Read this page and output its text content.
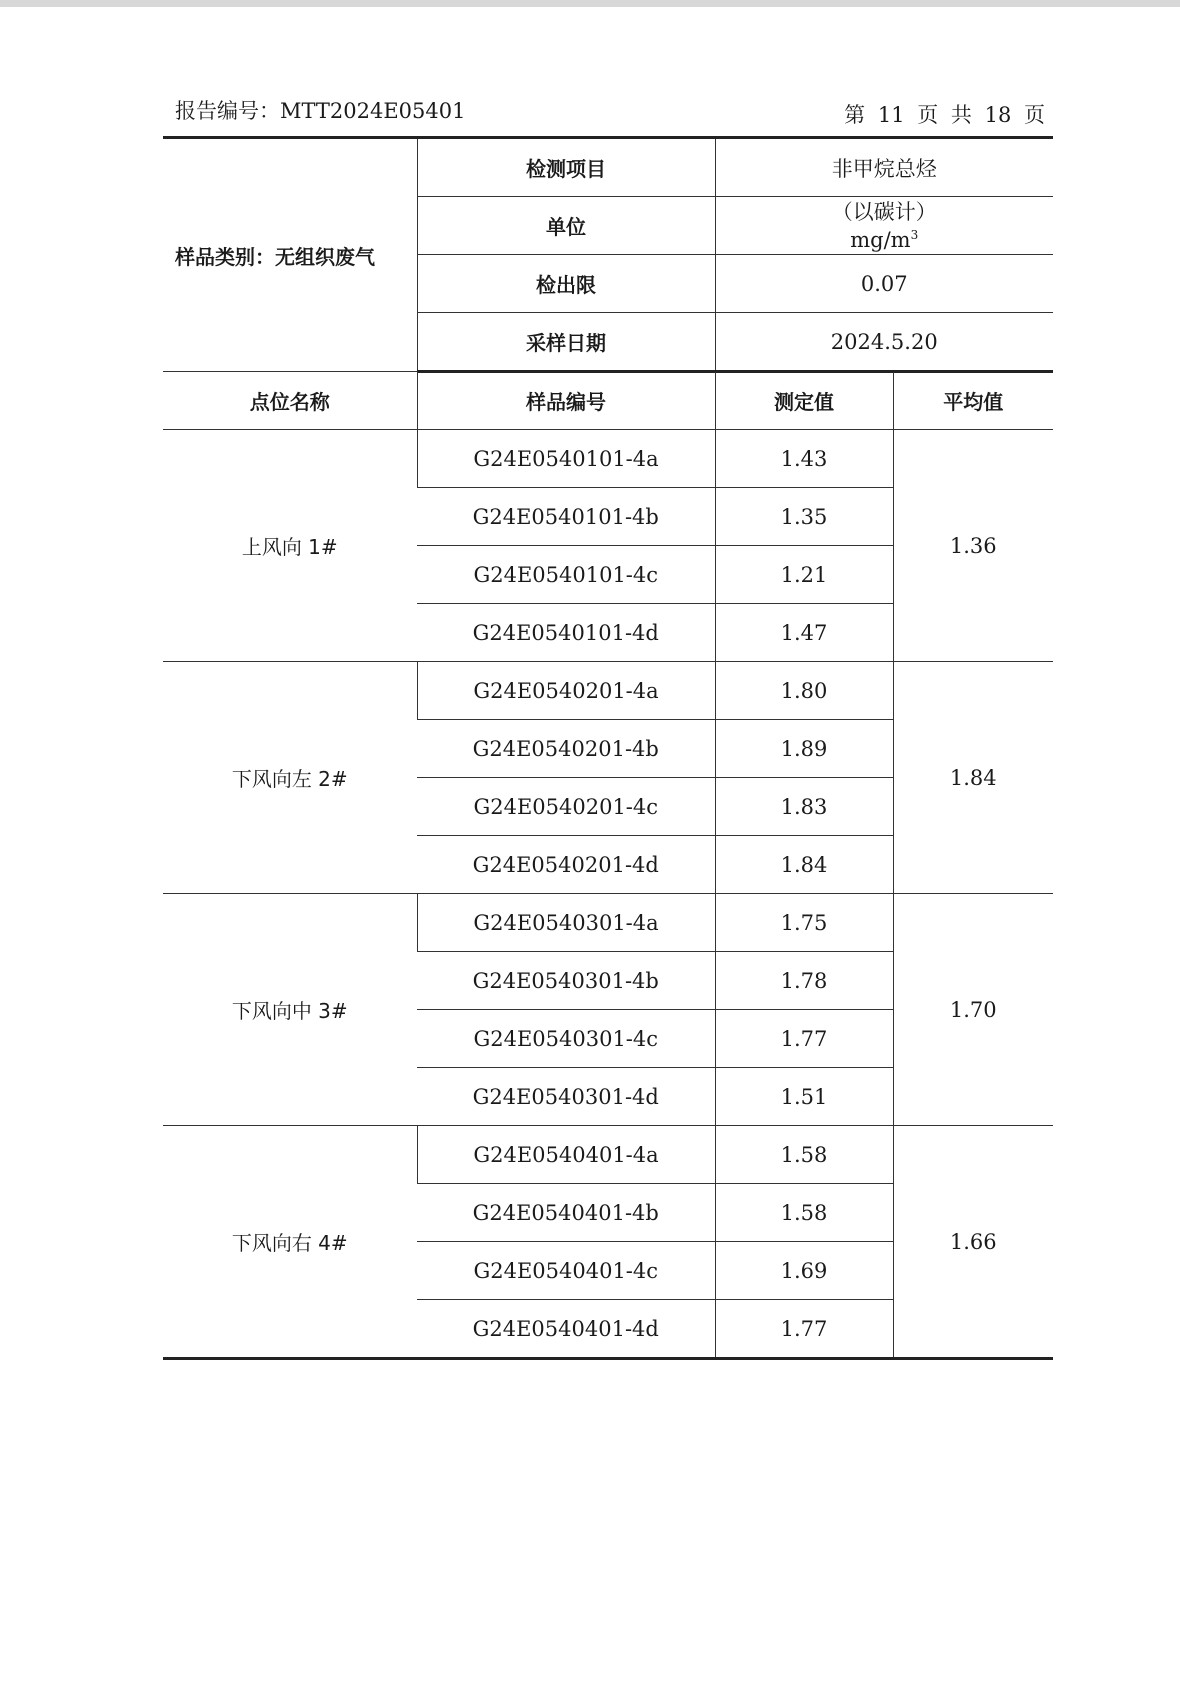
报告编号：MTT2024E05401	第 11 页 共 18 页
样品类别：无组织废气	检测项目	非甲烷总烃
	单位	（以碳计）
$mg/m^3$

	检出限	0.07
	采样日期	2024.5.20
点位名称	样品编号	测定值	平均值
上风向 1#	G24E0540101-4a	1.43	1.36
	G24E0540101-4b	1.35	
	G24E0540101-4c	1.21	
	G24E0540101-4d	1.47	
下风向左 2#	G24E0540201-4a	1.80	1.84
	G24E0540201-4b	1.89	
	G24E0540201-4c	1.83	
	G24E0540201-4d	1.84	
下风向中 3#	G24E0540301-4a	1.75	1.70
	G24E0540301-4b	1.78	
	G24E0540301-4c	1.77	
	G24E0540301-4d	1.51	
下风向右 4#	G24E0540401-4a	1.58	1.66
	G24E0540401-4b	1.58	
	G24E0540401-4c	1.69	
	G24E0540401-4d	1.77	
